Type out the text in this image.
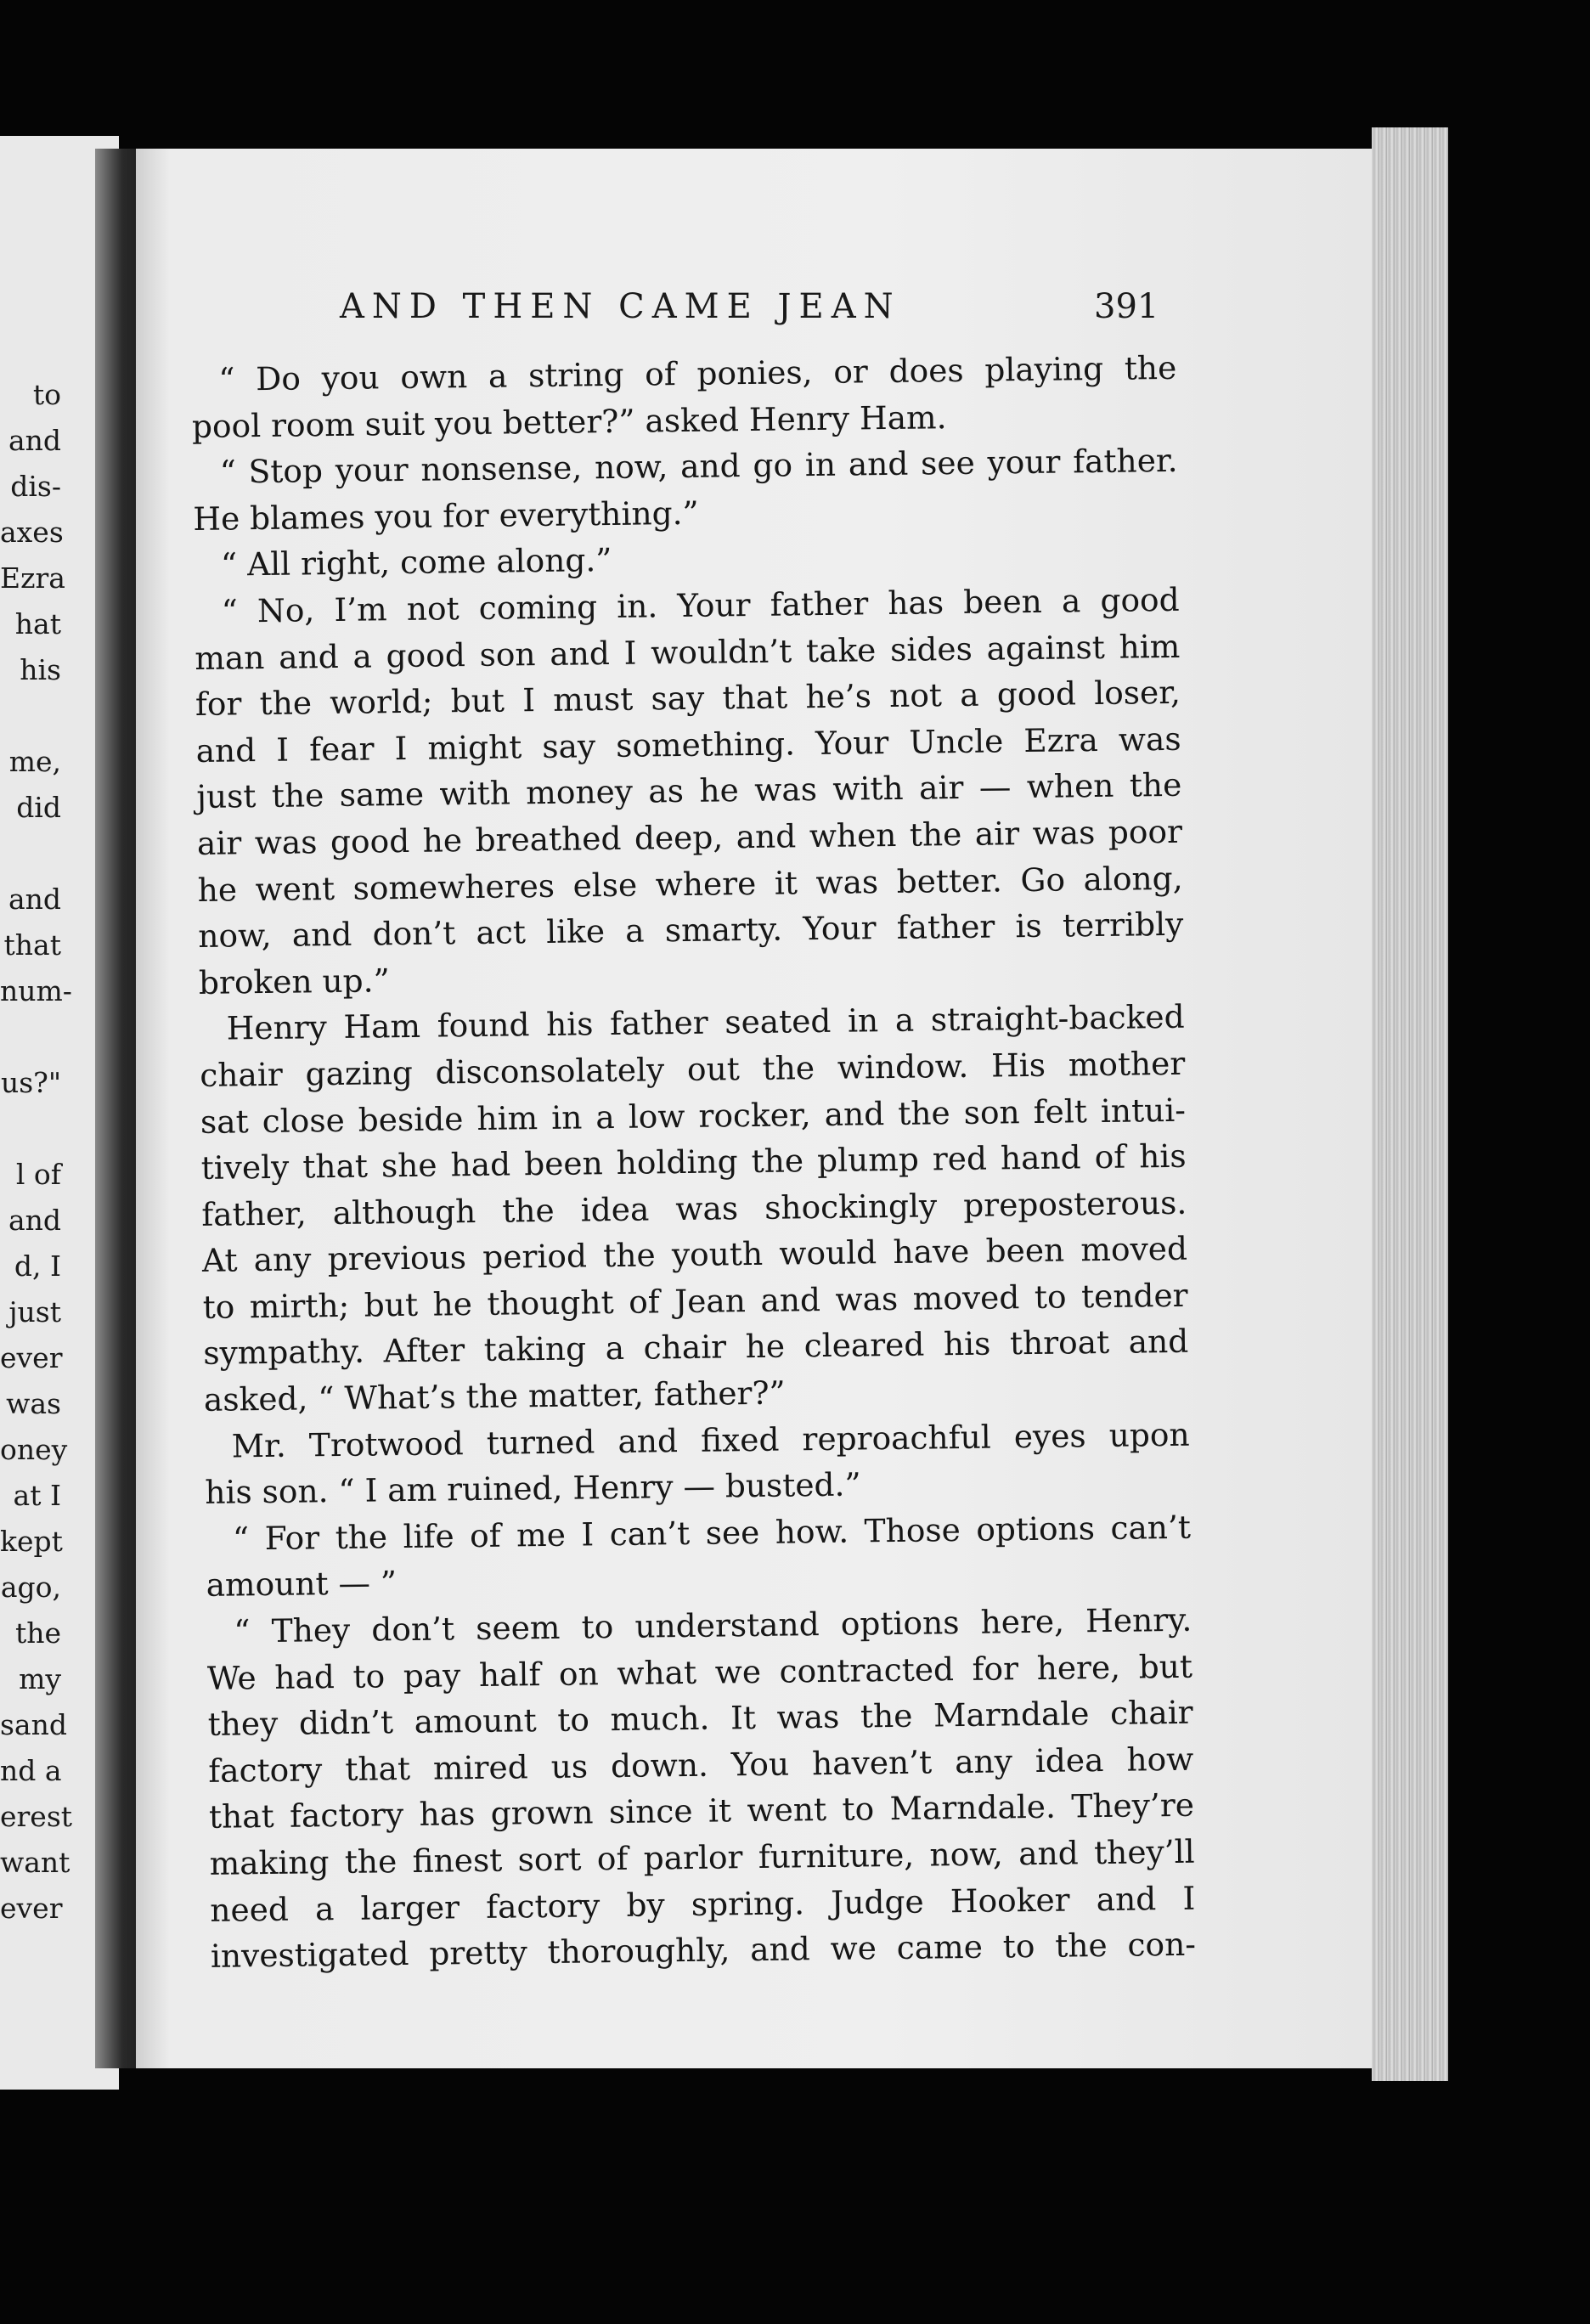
to
and
dis-
axes
Ezra
hat
his
me,
did
and
that
num-
us?"
l of
and
d, I
just
ever
was
oney
at I
kept
ago,
the
my
sand
nd a
erest
want
ever
AND THEN CAME JEAN	391
“ Do you own a string of ponies, or does playing the
pool room suit you better?” asked Henry Ham.
“ Stop your nonsense, now, and go in and see your father.
He blames you for everything.”
“ All right, come along.”
“ No, I’m not coming in. Your father has been a good
man and a good son and I wouldn’t take sides against him
for the world; but I must say that he’s not a good loser,
and I fear I might say something. Your Uncle Ezra was
just the same with money as he was with air — when the
air was good he breathed deep, and when the air was poor
he went somewheres else where it was better. Go along,
now, and don’t act like a smarty. Your father is terribly
broken up.”
Henry Ham found his father seated in a straight-backed
chair gazing disconsolately out the window. His mother
sat close beside him in a low rocker, and the son felt intui-
tively that she had been holding the plump red hand of his
father, although the idea was shockingly preposterous.
At any previous period the youth would have been moved
to mirth; but he thought of Jean and was moved to tender
sympathy. After taking a chair he cleared his throat and
asked, “ What’s the matter, father?”
Mr. Trotwood turned and fixed reproachful eyes upon
his son. “ I am ruined, Henry — busted.”
“ For the life of me I can’t see how. Those options can’t
amount — ”
“ They don’t seem to understand options here, Henry.
We had to pay half on what we contracted for here, but
they didn’t amount to much. It was the Marndale chair
factory that mired us down. You haven’t any idea how
that factory has grown since it went to Marndale. They’re
making the finest sort of parlor furniture, now, and they’ll
need a larger factory by spring. Judge Hooker and I
investigated pretty thoroughly, and we came to the con-
